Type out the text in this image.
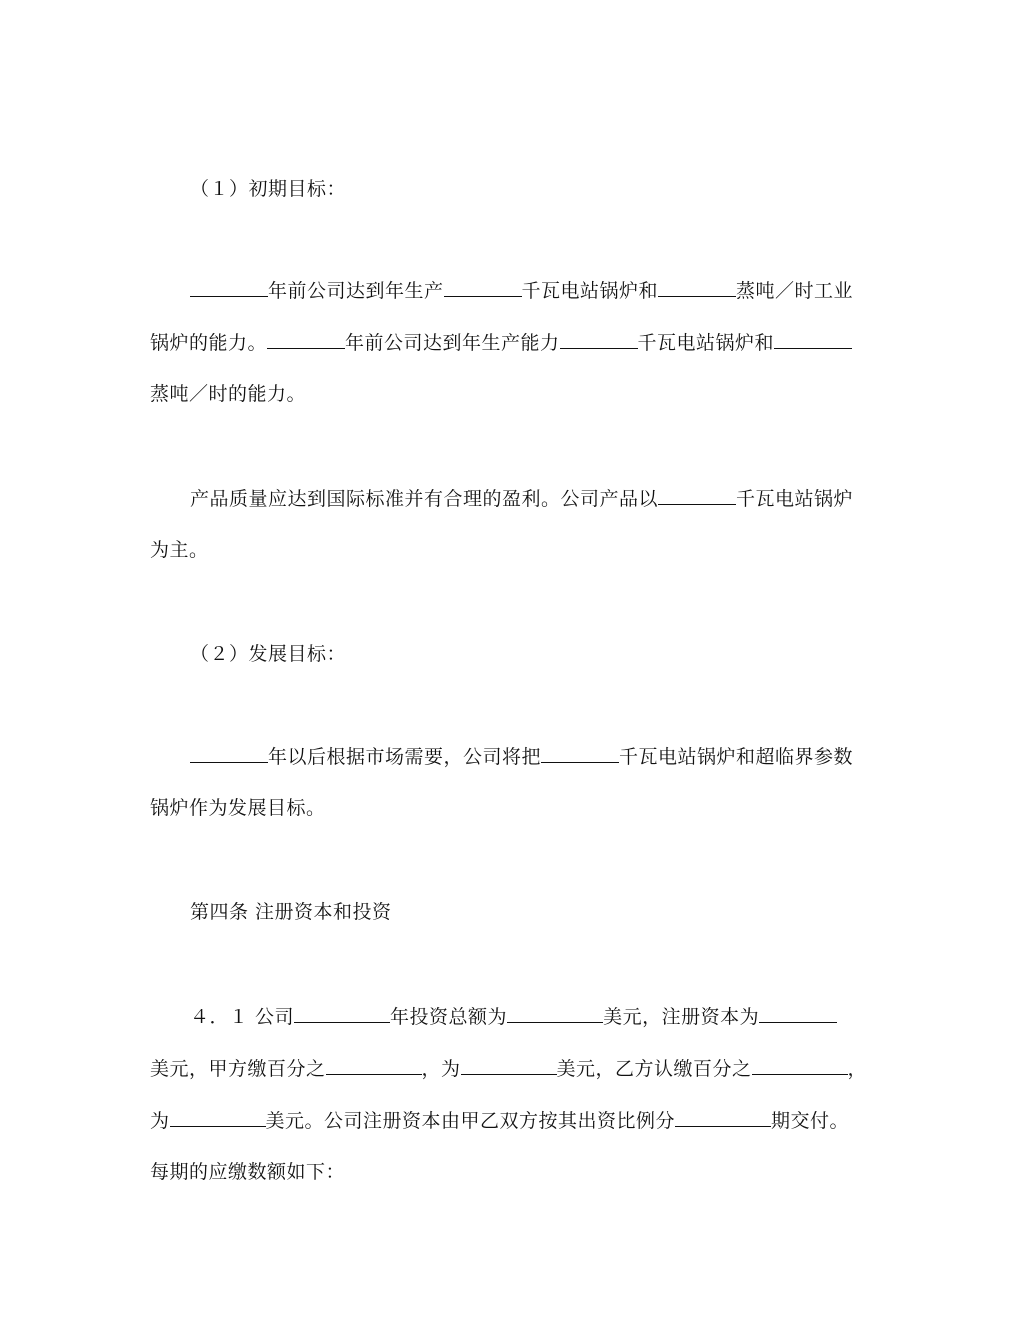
（１）初期目标：
年前公司达到年生产	千瓦电站锅炉和	蒸吨／时工业
锅炉的能力。	年前公司达到年生产能力	千瓦电站锅炉和
蒸吨／时的能力。
产品质量应达到国际标准并有合理的盈利。公司产品以	千瓦电站锅炉
为主。
（２）发展目标：
年以后根据市场需要，公司将把	千瓦电站锅炉和超临界参数
锅炉作为发展目标。
第四条 注册资本和投资
４．１ 公司	年投资总额为	美元，注册资本为
美元，甲方缴百分之	，为	美元，乙方认缴百分之	，
为	美元。公司注册资本由甲乙双方按其出资比例分	期交付。
每期的应缴数额如下：
